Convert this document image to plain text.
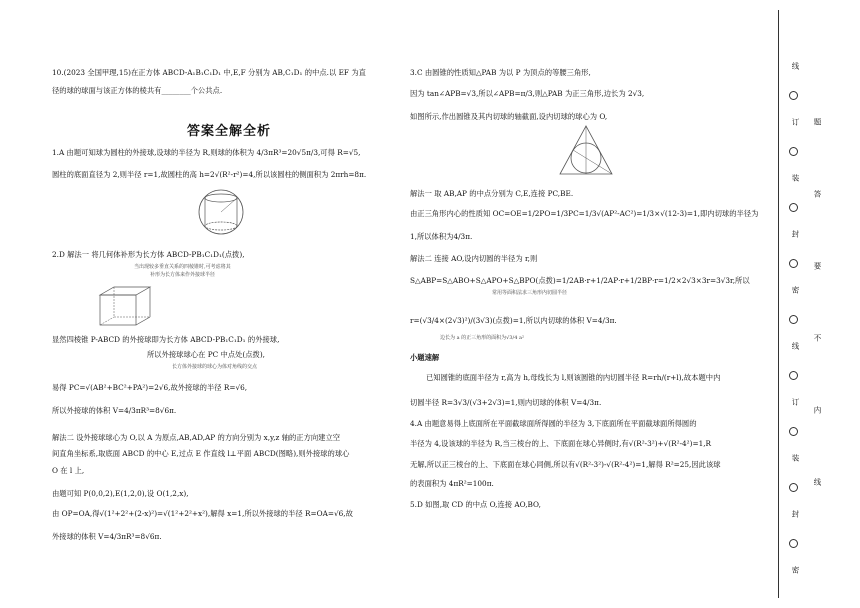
10.(2023 全国甲理,15)在正方体 ABCD-A₁B₁C₁D₁ 中,E,F 分别为 AB,C₁D₁ 的中点.以 EF 为直
径的球的球面与该正方体的棱共有________个公共点.
答案全解全析
1.A 由题可知球为圆柱的外接球,设球的半径为 R,则球的体积为 4/3πR³=20√5π/3,可得 R=√5,
圆柱的底面直径为 2,则半径 r=1,故圆柱的高 h=2√(R²-r²)=4,所以该圆柱的侧面积为 2πrh=8π.
2.D 解法一 将几何体补形为长方体 ABCD-PB₁C₁D₁(点拨),
当出现较多垂直关系的四棱锥时,可考虑将其
补形为长方体来作外接球半径
显然四棱锥 P-ABCD 的外接球即为长方体 ABCD-PB₁C₁D₁ 的外接球,
所以外接球球心在 PC 中点处(点拨),
长方体外接球的球心为体对角线的交点
易得 PC=√(AB²+BC²+PA²)=2√6,故外接球的半径 R=√6,
所以外接球的体积 V=4/3πR³=8√6π.
解法二 设外接球球心为 O,以 A 为原点,AB,AD,AP 的方向分别为 x,y,z 轴的正方向建立空
间直角坐标系,取底面 ABCD 的中心 E,过点 E 作直线 l⊥平面 ABCD(图略),则外接球的球心
O 在 l 上,
由题可知 P(0,0,2),E(1,2,0),设 O(1,2,x),
由 OP=OA,得√(1²+2²+(2-x)²)=√(1²+2²+x²),解得 x=1,所以外接球的半径 R=OA=√6,故
外接球的体积 V=4/3πR³=8√6π.
3.C 由圆锥的性质知△PAB 为以 P 为顶点的等腰三角形,
因为 tan∠APB=√3,所以∠APB=π/3,则△PAB 为正三角形,边长为 2√3,
如图所示,作出圆锥及其内切球的轴截面,设内切球的球心为 O,
解法一 取 AB,AP 的中点分别为 C,E,连接 PC,BE.
由正三角形内心的性质知 OC=OE=1/2PO=1/3PC=1/3√(AP²-AC²)=1/3×√(12-3)=1,即内切球的半径为
1,所以体积为4/3π.
解法二 连接 AO,设内切圆的半径为 r,则
S△ABP=S△ABO+S△APO+S△BPO(点拨)=1/2AB·r+1/2AP·r+1/2BP·r=1/2×2√3×3r=3√3r,所以
常用等面积法求三角形内切圆半径
r=(√3/4×(2√3)²)/(3√3)(点拨)=1,所以内切球的体积 V=4/3π.
边长为 a 的正三角形的面积为√3/4 a²
小题速解
已知圆锥的底面半径为 r,高为 h,母线长为 l,则该圆锥的内切圆半径 R=rh/(r+l),故本题中内
切圆半径 R=3√3/(√3+2√3)=1,则内切球的体积 V=4/3π.
4.A 由题意易得上底面所在平面截球面所得圆的半径为 3,下底面所在平面截球面所得圆的
半径为 4,设该球的半径为 R,当三棱台的上、下底面在球心异侧时,有√(R²-3²)+√(R²-4²)=1,R
无解,所以正三棱台的上、下底面在球心同侧,所以有√(R²-3²)-√(R²-4²)=1,解得 R²=25,因此该球
的表面积为 4πR²=100π.
5.D 如图,取 CD 的中点 O,连接 AO,BO,
线
订
装
封
密
线
订
装
封
密
题
答
要
不
内
线
